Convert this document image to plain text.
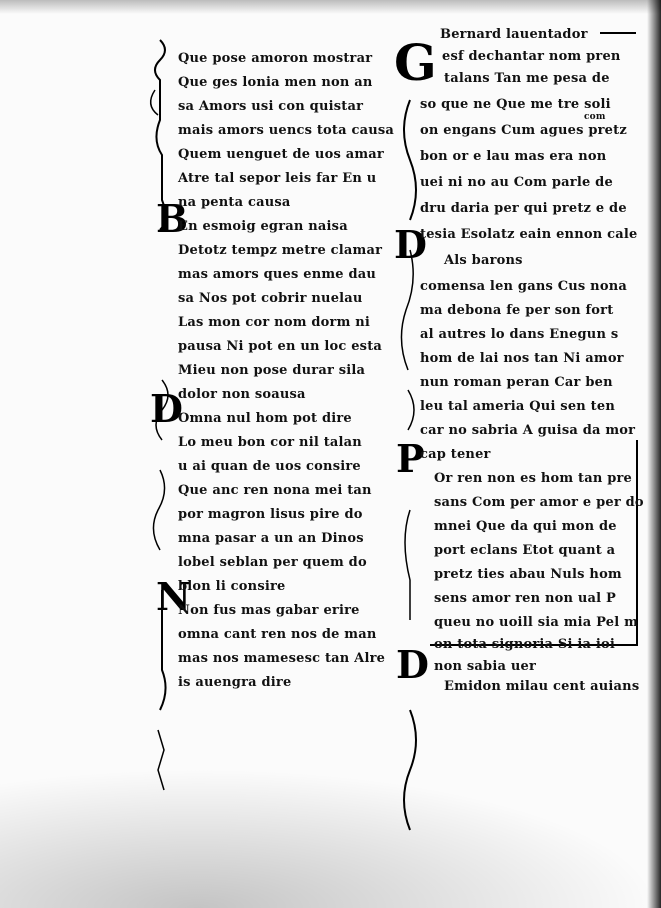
B
D
N
G
D
P
D
com
Que pose amoron mostrar
Que ges lonia men non an
sa Amors usi con quistar
mais amors uencs tota causa
Quem uenguet de uos amar
Atre tal sepor leis far En u
na penta causa
En esmoig egran naisa
Detotz tempz metre clamar
mas amors ques enme dau
sa Nos pot cobrir nuelau
Las mon cor nom dorm ni
pausa Ni pot en un loc esta
Mieu non pose durar sila
dolor non soausa
Omna nul hom pot dire
Lo meu bon cor nil talan
u ai quan de uos consire
Que anc ren nona mei tan
por magron lisus pire do
mna pasar a un an Dinos
lobel seblan per quem do
blon li consire
Non fus mas gabar erire
omna cant ren nos de man
mas nos mamesesc tan Alre
is auengra dire
Bernard lauentador
esf dechantar nom pren
talans Tan me pesa de
so que ne Que me tre soli
on engans Cum agues pretz
bon or e lau mas era non
uei ni no au Com parle de
dru daria per qui pretz e de
tesia Esolatz eain ennon cale
Als barons
comensa len gans Cus nona
ma debona fe per son fort
al autres lo dans Enegun s
hom de lai nos tan Ni amor
nun roman peran Car ben
leu tal ameria Qui sen ten
car no sabria A guisa da mor
cap tener
Or ren non es hom tan pre
sans Com per amor e per do
mnei Que da qui mon de
port eclans Etot quant a
pretz ties abau Nuls hom
sens amor ren non ual P
queu no uoill sia mia Pel m
on tota signoria Si ia ioi
non sabia uer
Emidon milau cent auians
